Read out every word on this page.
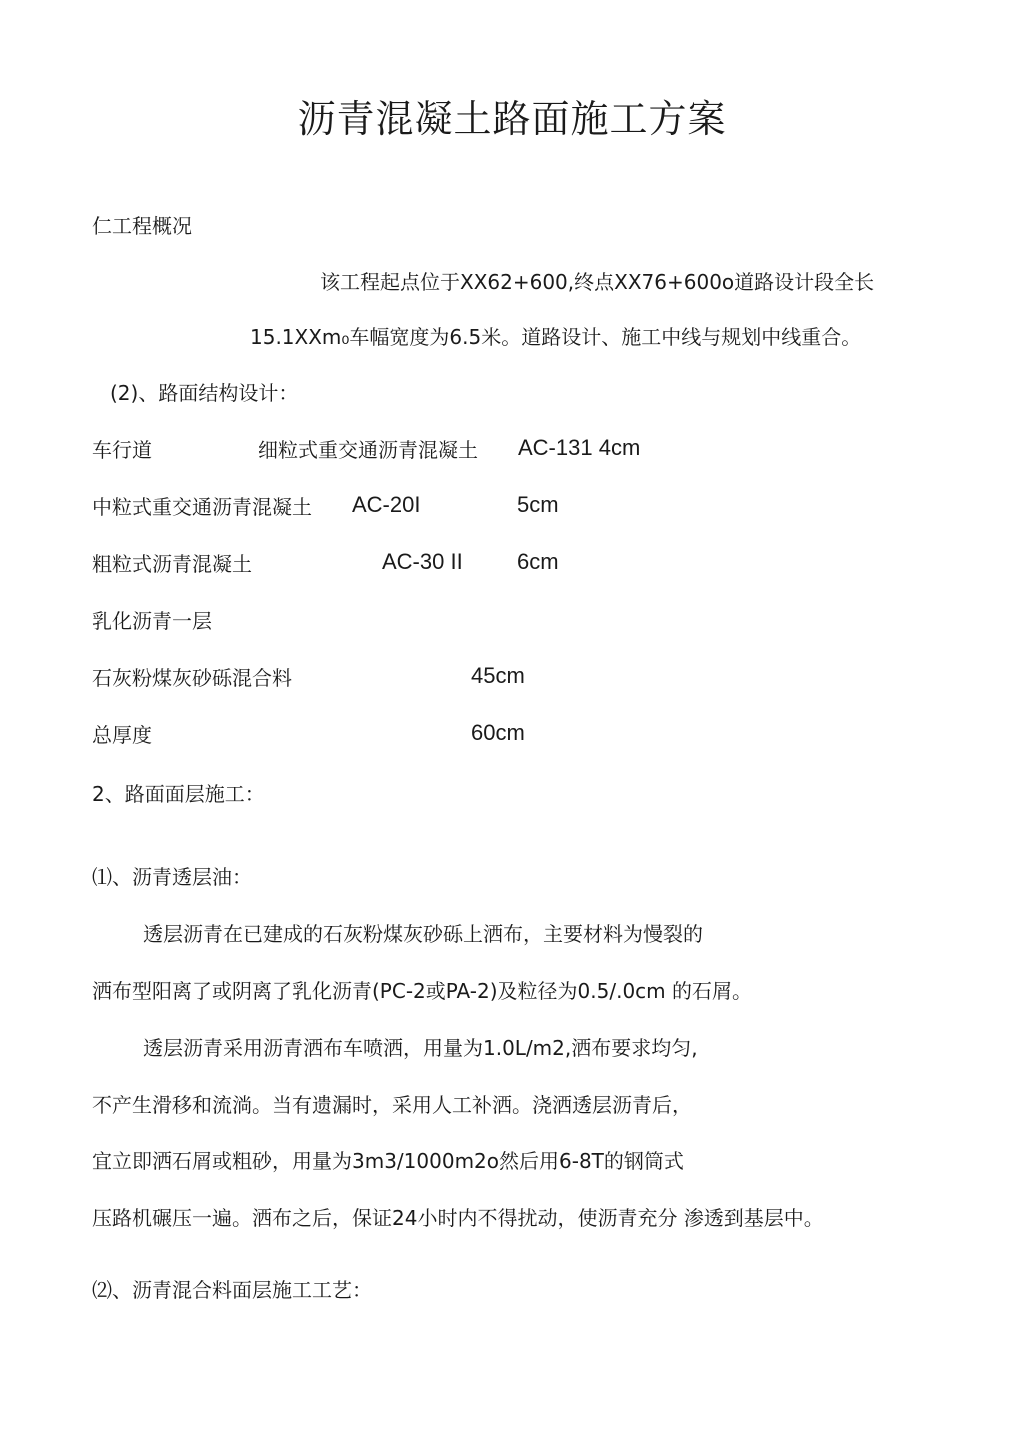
沥青混凝土路面施工方案
仁工程概况
该工程起点位于XX62+600,终点XX76+600o道路设计段全长
15.1XXm₀车幅宽度为6.5米。道路设计、施工中线与规划中线重合。
(2)、路面结构设计：
车行道	细粒式重交通沥青混凝土 AC-131 4cm
中粒式重交通沥青混凝土 AC-20I	5cm
粗粒式沥青混凝土	AC-30 II 6cm
乳化沥青一层
石灰粉煤灰砂砾混合料	45cm
总厚度	60cm
2、路面面层施工：
⑴、沥青透层油：
透层沥青在已建成的石灰粉煤灰砂砾上洒布，主要材料为慢裂的
洒布型阳离了或阴离了乳化沥青(PC-2或PA-2)及粒径为0.5/.0cm 的石屑。
透层沥青采用沥青洒布车喷洒，用量为1.0L/m2,洒布要求均匀,
不产生滑移和流淌。当有遗漏时，采用人工补洒。浇洒透层沥青后，
宜立即洒石屑或粗砂，用量为3m3/1000m2o然后用6-8T的钢筒式
压路机碾压一遍。洒布之后，保证24小时内不得扰动，使沥青充分 渗透到基层中。
⑵、沥青混合料面层施工工艺：
